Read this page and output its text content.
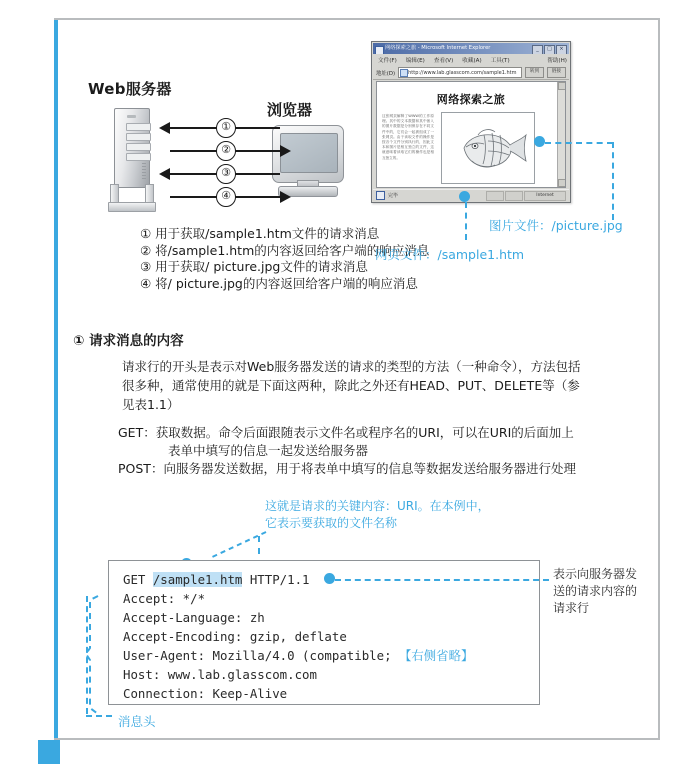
Web服务器
浏览器
①
②
③
④
① 用于获取/sample1.htm文件的请求消息
② 将/sample1.htm的内容返回给客户端的响应消息
③ 用于获取/ picture.jpg文件的请求消息
④ 将/ picture.jpg的内容返回给客户端的响应消息
网络探索之旅 - Microsoft Internet Explorer	_	□	×
文件(F) 编辑(E) 查看(V) 收藏(A) 工具(T)	帮助(H)
地址(D)	http://www.lab.glasscom.com/sample1.htm	转到	链接
网络探索之旅
这张网页解释了WWW的工作原理。其中的文本数据和其中嵌入的图片数据是分别保存在不同文件中的，它们会一起被组成了一张网页。由于读取文件的操作是按各个文件分别执行的，因此文本和图片是相互独立的文件，这就意味着读取它们的操作也是相互独立的。
完毕	Internet
图片文件：/picture.jpg
网页文件：/sample1.htm
① 请求消息的内容
请求行的开头是表示对Web服务器发送的请求的类型的方法（一种命令），方法包括很多种，通常使用的就是下面这两种，除此之外还有HEAD、PUT、DELETE等（参见表1.1）
GET： 获取数据。命令后面跟随表示文件名或程序名的URI，可以在URI的后面加上
表单中填写的信息一起发送给服务器
POST： 向服务器发送数据，用于将表单中填写的信息等数据发送给服务器进行处理
这就是请求的关键内容：URI。在本例中，
它表示要获取的文件名称
GET /sample1.htm HTTP/1.1
Accept: */*
Accept-Language: zh
Accept-Encoding: gzip, deflate
User-Agent: Mozilla/4.0 (compatible; 【右侧省略】
Host: www.lab.glasscom.com
Connection: Keep-Alive
表示向服务器发送的请求内容的请求行
消息头
